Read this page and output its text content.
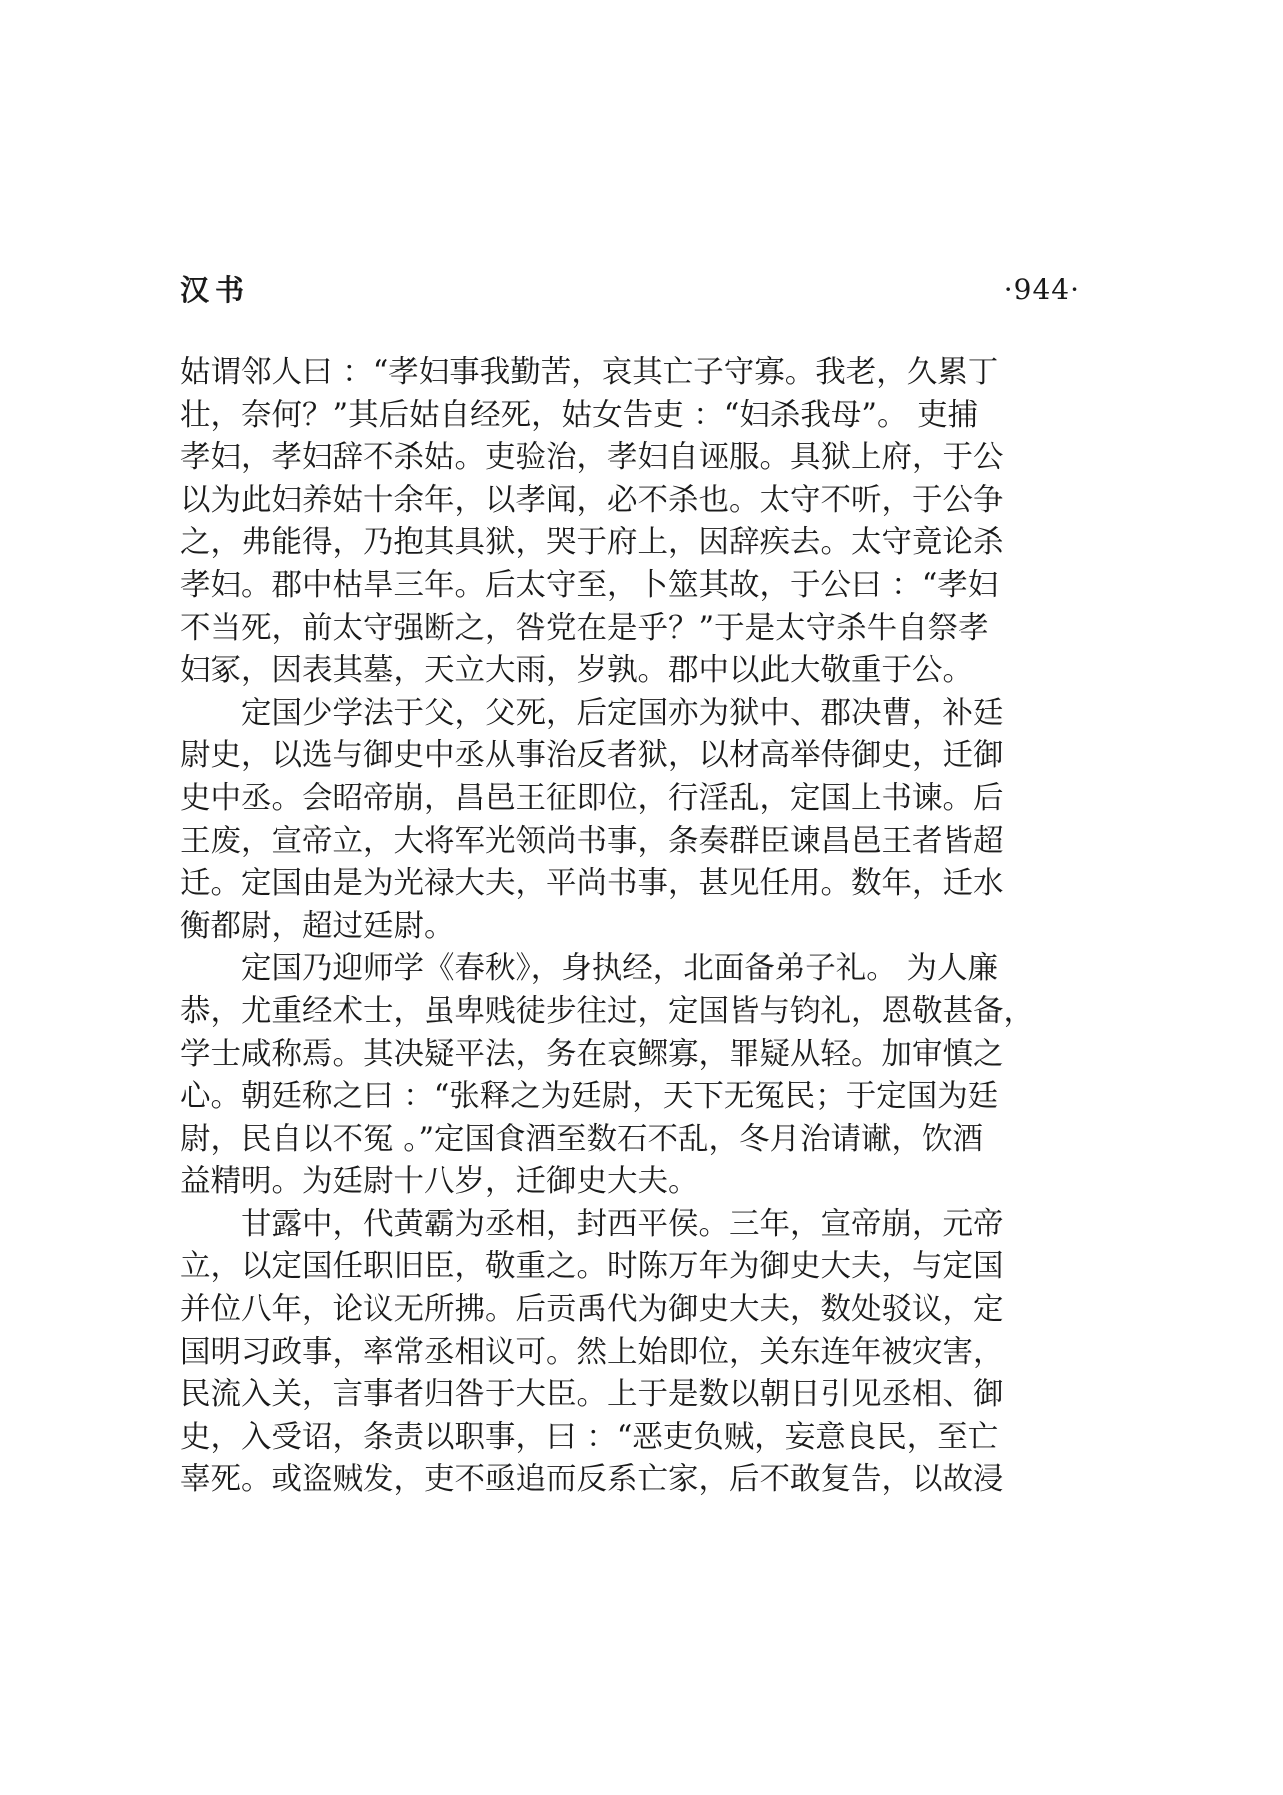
汉书	·944·
姑谓邻人曰 ：“孝妇事我勤苦，哀其亡子守寡。我老，久累丁
壮，奈何？”其后姑自经死，姑女告吏 ：“妇杀我母”。 吏捕
孝妇，孝妇辞不杀姑。吏验治，孝妇自诬服。具狱上府，于公
以为此妇养姑十余年，以孝闻，必不杀也。太守不听，于公争
之，弗能得，乃抱其具狱，哭于府上，因辞疾去。太守竟论杀
孝妇。郡中枯旱三年。后太守至，卜筮其故，于公曰 ：“孝妇
不当死，前太守强断之，咎党在是乎？”于是太守杀牛自祭孝
妇冢，因表其墓，天立大雨，岁孰。郡中以此大敬重于公。
　　定国少学法于父，父死，后定国亦为狱中、郡决曹，补廷
尉史，以选与御史中丞从事治反者狱，以材高举侍御史，迁御
史中丞。会昭帝崩，昌邑王征即位，行淫乱，定国上书谏。后
王废，宣帝立，大将军光领尚书事，条奏群臣谏昌邑王者皆超
迁。定国由是为光禄大夫，平尚书事，甚见任用。数年，迁水
衡都尉，超过廷尉。
　　定国乃迎师学《春秋》，身执经，北面备弟子礼。 为人廉
恭，尤重经术士，虽卑贱徒步往过，定国皆与钧礼，恩敬甚备，
学士咸称焉。其决疑平法，务在哀鳏寡，罪疑从轻。加审慎之
心。朝廷称之曰 ：“张释之为廷尉，天下无冤民；于定国为廷
尉，民自以不冤 。”定国食酒至数石不乱，冬月治请谳，饮酒
益精明。为廷尉十八岁，迁御史大夫。
　　甘露中，代黄霸为丞相，封西平侯。三年，宣帝崩，元帝
立，以定国任职旧臣，敬重之。时陈万年为御史大夫，与定国
并位八年，论议无所拂。后贡禹代为御史大夫，数处驳议，定
国明习政事，率常丞相议可。然上始即位，关东连年被灾害，
民流入关，言事者归咎于大臣。上于是数以朝日引见丞相、御
史，入受诏，条责以职事，曰 ：“恶吏负贼，妄意良民，至亡
辜死。或盗贼发，吏不亟追而反系亡家，后不敢复告，以故浸
